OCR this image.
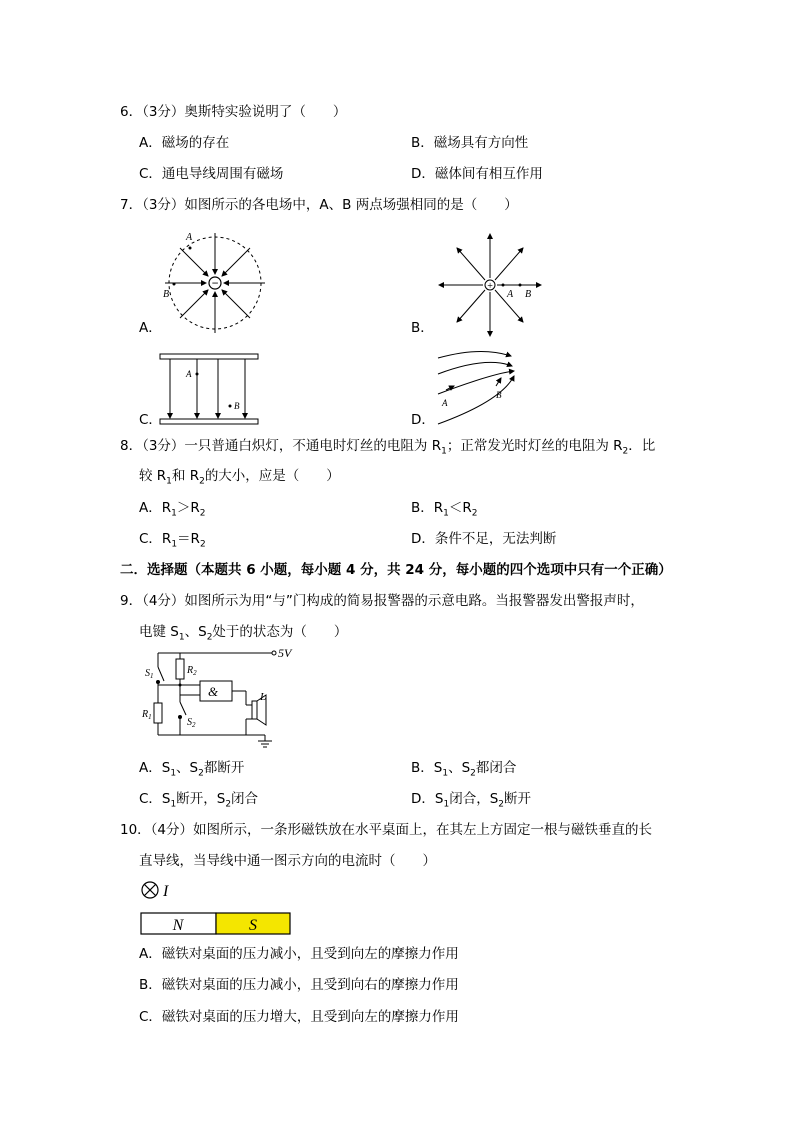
6．（3分）奥斯特实验说明了（　　）
A．磁场的存在	B．磁场具有方向性
C．通电导线周围有磁场	D．磁体间有相互作用
7．（3分）如图所示的各电场中，A、B 两点场强相同的是（　　）
−
A
B
A．
+
A B
B．
A
B
C．
A
B
D．
8．（3分）一只普通白炽灯，不通电时灯丝的电阻为 $R_1$；正常发光时灯丝的电阻为 $R_2$．比
较 $R_1$和 $R_2$的大小，应是（　　）
A．$R_1>R_2$	B．$R_1<R_2$
C．$R_1=R_2$	D．条件不足，无法判断
二．选择题（本题共 6 小题，每小题 4 分，共 24 分，每小题的四个选项中只有一个正确）
9．（4分）如图所示为用“与”门构成的简易报警器的示意电路。当报警器发出警报声时，
电键 $S_1$、$S_2$处于的状态为（　　）
5V
&	L
$S_1$
$R_1$
$R_2$
$S_2$
A．$S_1$、$S_2$都断开	B．$S_1$、$S_2$都闭合
C．$S_1$断开，$S_2$闭合	D．$S_1$闭合，$S_2$断开
10．（4分）如图所示，一条形磁铁放在水平桌面上，在其左上方固定一根与磁铁垂直的长
直导线，当导线中通一图示方向的电流时（　　）
I
N	S
A．磁铁对桌面的压力减小，且受到向左的摩擦力作用
B．磁铁对桌面的压力减小，且受到向右的摩擦力作用
C．磁铁对桌面的压力增大，且受到向左的摩擦力作用
